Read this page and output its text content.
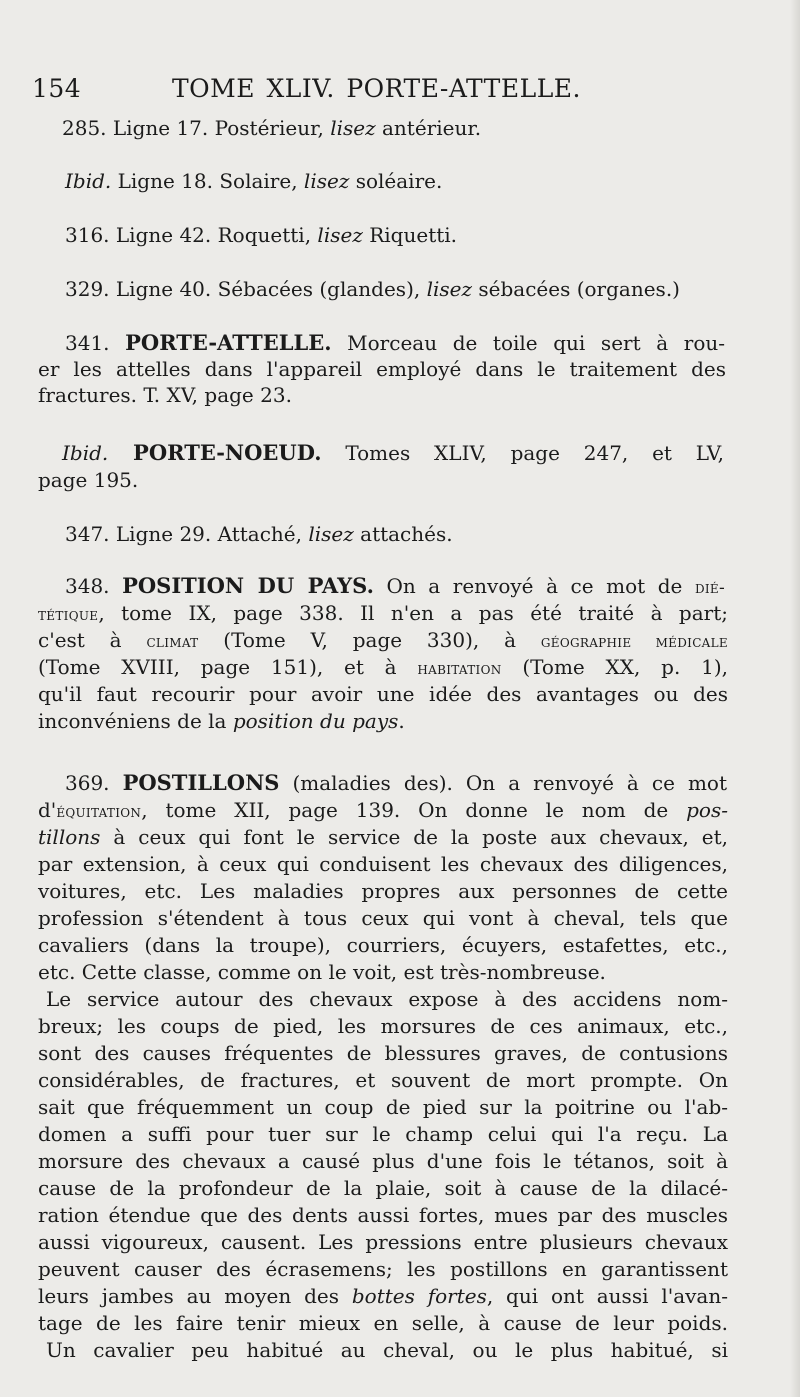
154	TOME XLIV. PORTE-ATTELLE.
285. Ligne 17. Postérieur, lisez antérieur.
Ibid. Ligne 18. Solaire, lisez soléaire.
316. Ligne 42. Roquetti, lisez Riquetti.
329. Ligne 40. Sébacées (glandes), lisez sébacées (organes.)
341. PORTE-ATTELLE. Morceau de toile qui sert à rou-
er les attelles dans l'appareil employé dans le traitement des
fractures. T. XV, page 23.
Ibid. PORTE-NOEUD. Tomes XLIV, page 247, et LV,
page 195.
347. Ligne 29. Attaché, lisez attachés.
348. POSITION DU PAYS. On a renvoyé à ce mot de dié-
tétique, tome IX, page 338. Il n'en a pas été traité à part;
c'est à climat (Tome V, page 330), à géographie médicale
(Tome XVIII, page 151), et à habitation (Tome XX, p. 1),
qu'il faut recourir pour avoir une idée des avantages ou des
inconvéniens de la position du pays.
369. POSTILLONS (maladies des). On a renvoyé à ce mot
d'équitation, tome XII, page 139. On donne le nom de pos-
tillons à ceux qui font le service de la poste aux chevaux, et,
par extension, à ceux qui conduisent les chevaux des diligences,
voitures, etc. Les maladies propres aux personnes de cette
profession s'étendent à tous ceux qui vont à cheval, tels que
cavaliers (dans la troupe), courriers, écuyers, estafettes, etc.,
etc. Cette classe, comme on le voit, est très-nombreuse.
Le service autour des chevaux expose à des accidens nom-
breux; les coups de pied, les morsures de ces animaux, etc.,
sont des causes fréquentes de blessures graves, de contusions
considérables, de fractures, et souvent de mort prompte. On
sait que fréquemment un coup de pied sur la poitrine ou l'ab-
domen a suffi pour tuer sur le champ celui qui l'a reçu. La
morsure des chevaux a causé plus d'une fois le tétanos, soit à
cause de la profondeur de la plaie, soit à cause de la dilacé-
ration étendue que des dents aussi fortes, mues par des muscles
aussi vigoureux, causent. Les pressions entre plusieurs chevaux
peuvent causer des écrasemens; les postillons en garantissent
leurs jambes au moyen des bottes fortes, qui ont aussi l'avan-
tage de les faire tenir mieux en selle, à cause de leur poids.
Un cavalier peu habitué au cheval, ou le plus habitué, si
